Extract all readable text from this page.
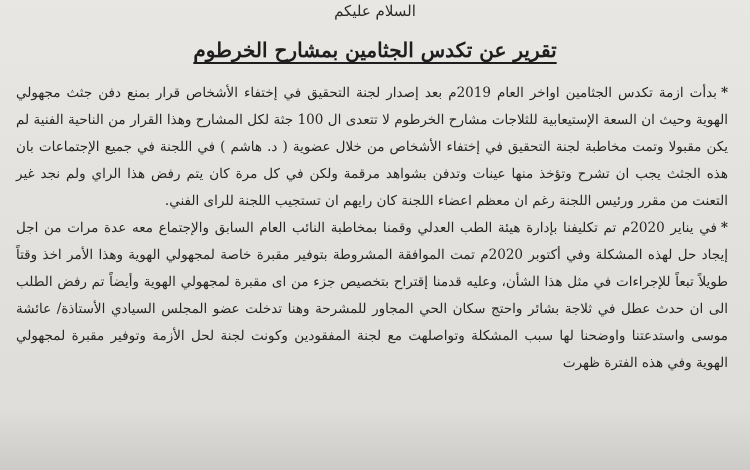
السلام عليكم
تقرير عن تكدس الجثامين بمشارح الخرطوم

*بدأت ازمة تكدس الجثامين اواخر العام 2019م بعد إصدار لجنة التحقيق في إختفاء الأشخاص قرار بمنع دفن جثث مجهولي الهوية وحيث ان السعة الإستيعابية للثلاجات مشارح الخرطوم لا تتعدى ال 100 جثة لكل المشارح وهذا القرار من الناحية الفنية لم يكن مقبولا وتمت مخاطبة لجنة التحقيق في إختفاء الأشخاص من خلال عضوية ( د. هاشم ) في اللجنة في جميع الإجتماعات بان هذه الجثث يجب ان تشرح وتؤخذ منها عينات وتدفن بشواهد مرقمة ولكن في كل مرة كان يتم رفض هذا الراي ولم نجد غير التعنت من مقرر ورئيس اللجنة رغم ان معظم اعضاء اللجنة كان رايهم ان تستجيب اللجنة للراى الفني.

*في يناير 2020م تم تكليفنا بإدارة هيئة الطب العدلي وقمنا بمخاطبة النائب العام السابق والإجتماع معه عدة مرات من اجل إيجاد حل لهذه المشكلة وفي أكتوبر 2020م تمت الموافقة المشروطة بتوفير مقبرة خاصة لمجهولي الهوية وهذا الأمر اخذ وقتاً طويلاً تبعاً للإجراءات في مثل هذا الشأن، وعليه قدمنا إقتراح بتخصيص جزء من اى مقبرة لمجهولي الهوية وأيضاً تم رفض الطلب الى ان حدث عطل في ثلاجة بشائر واحتج سكان الحي المجاور للمشرحة وهنا تدخلت عضو المجلس السيادي الأستاذة/ عائشة موسى واستدعتنا واوضحنا لها سبب المشكلة وتواصلهت مع لجنة المفقودين وكونت لجنة لحل الأزمة وتوفير مقبرة لمجهولي الهوية وفي هذه الفترة ظهرت
